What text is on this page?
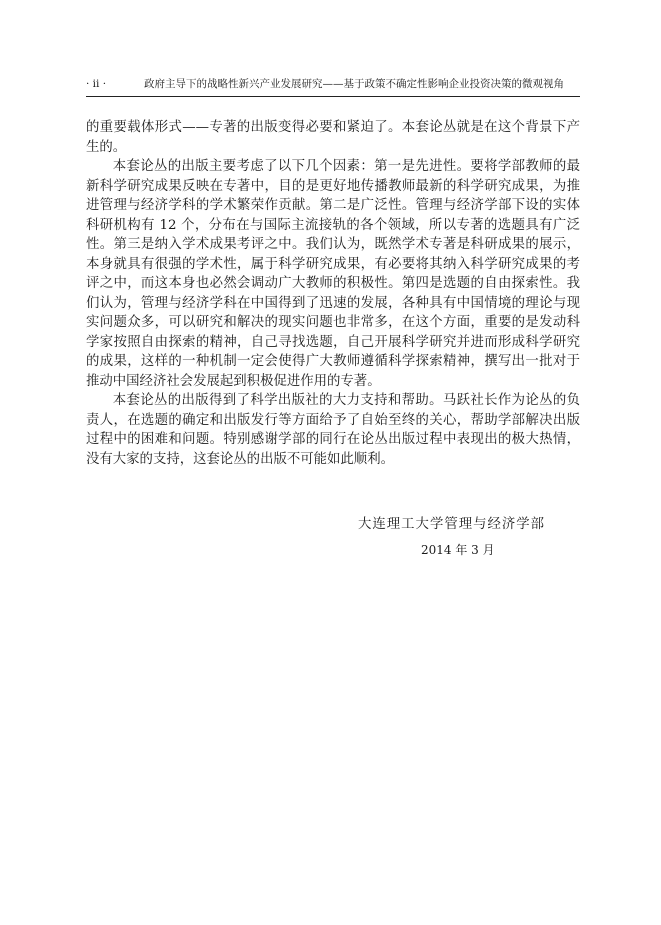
· ii ·	政府主导下的战略性新兴产业发展研究——基于政策不确定性影响企业投资决策的微观视角

的重要载体形式——专著的出版变得必要和紧迫了。本套论丛就是在这个背景下产生的。

本套论丛的出版主要考虑了以下几个因素：第一是先进性。要将学部教师的最新科学研究成果反映在专著中，目的是更好地传播教师最新的科学研究成果，为推进管理与经济学科的学术繁荣作贡献。第二是广泛性。管理与经济学部下设的实体科研机构有 12 个，分布在与国际主流接轨的各个领域，所以专著的选题具有广泛性。第三是纳入学术成果考评之中。我们认为，既然学术专著是科研成果的展示，本身就具有很强的学术性，属于科学研究成果，有必要将其纳入科学研究成果的考评之中，而这本身也必然会调动广大教师的积极性。第四是选题的自由探索性。我们认为，管理与经济学科在中国得到了迅速的发展，各种具有中国情境的理论与现实问题众多，可以研究和解决的现实问题也非常多，在这个方面，重要的是发动科学家按照自由探索的精神，自己寻找选题，自己开展科学研究并进而形成科学研究的成果，这样的一种机制一定会使得广大教师遵循科学探索精神，撰写出一批对于推动中国经济社会发展起到积极促进作用的专著。

本套论丛的出版得到了科学出版社的大力支持和帮助。马跃社长作为论丛的负责人，在选题的确定和出版发行等方面给予了自始至终的关心，帮助学部解决出版过程中的困难和问题。特别感谢学部的同行在论丛出版过程中表现出的极大热情，没有大家的支持，这套论丛的出版不可能如此顺利。

大连理工大学管理与经济学部
2014 年 3 月
